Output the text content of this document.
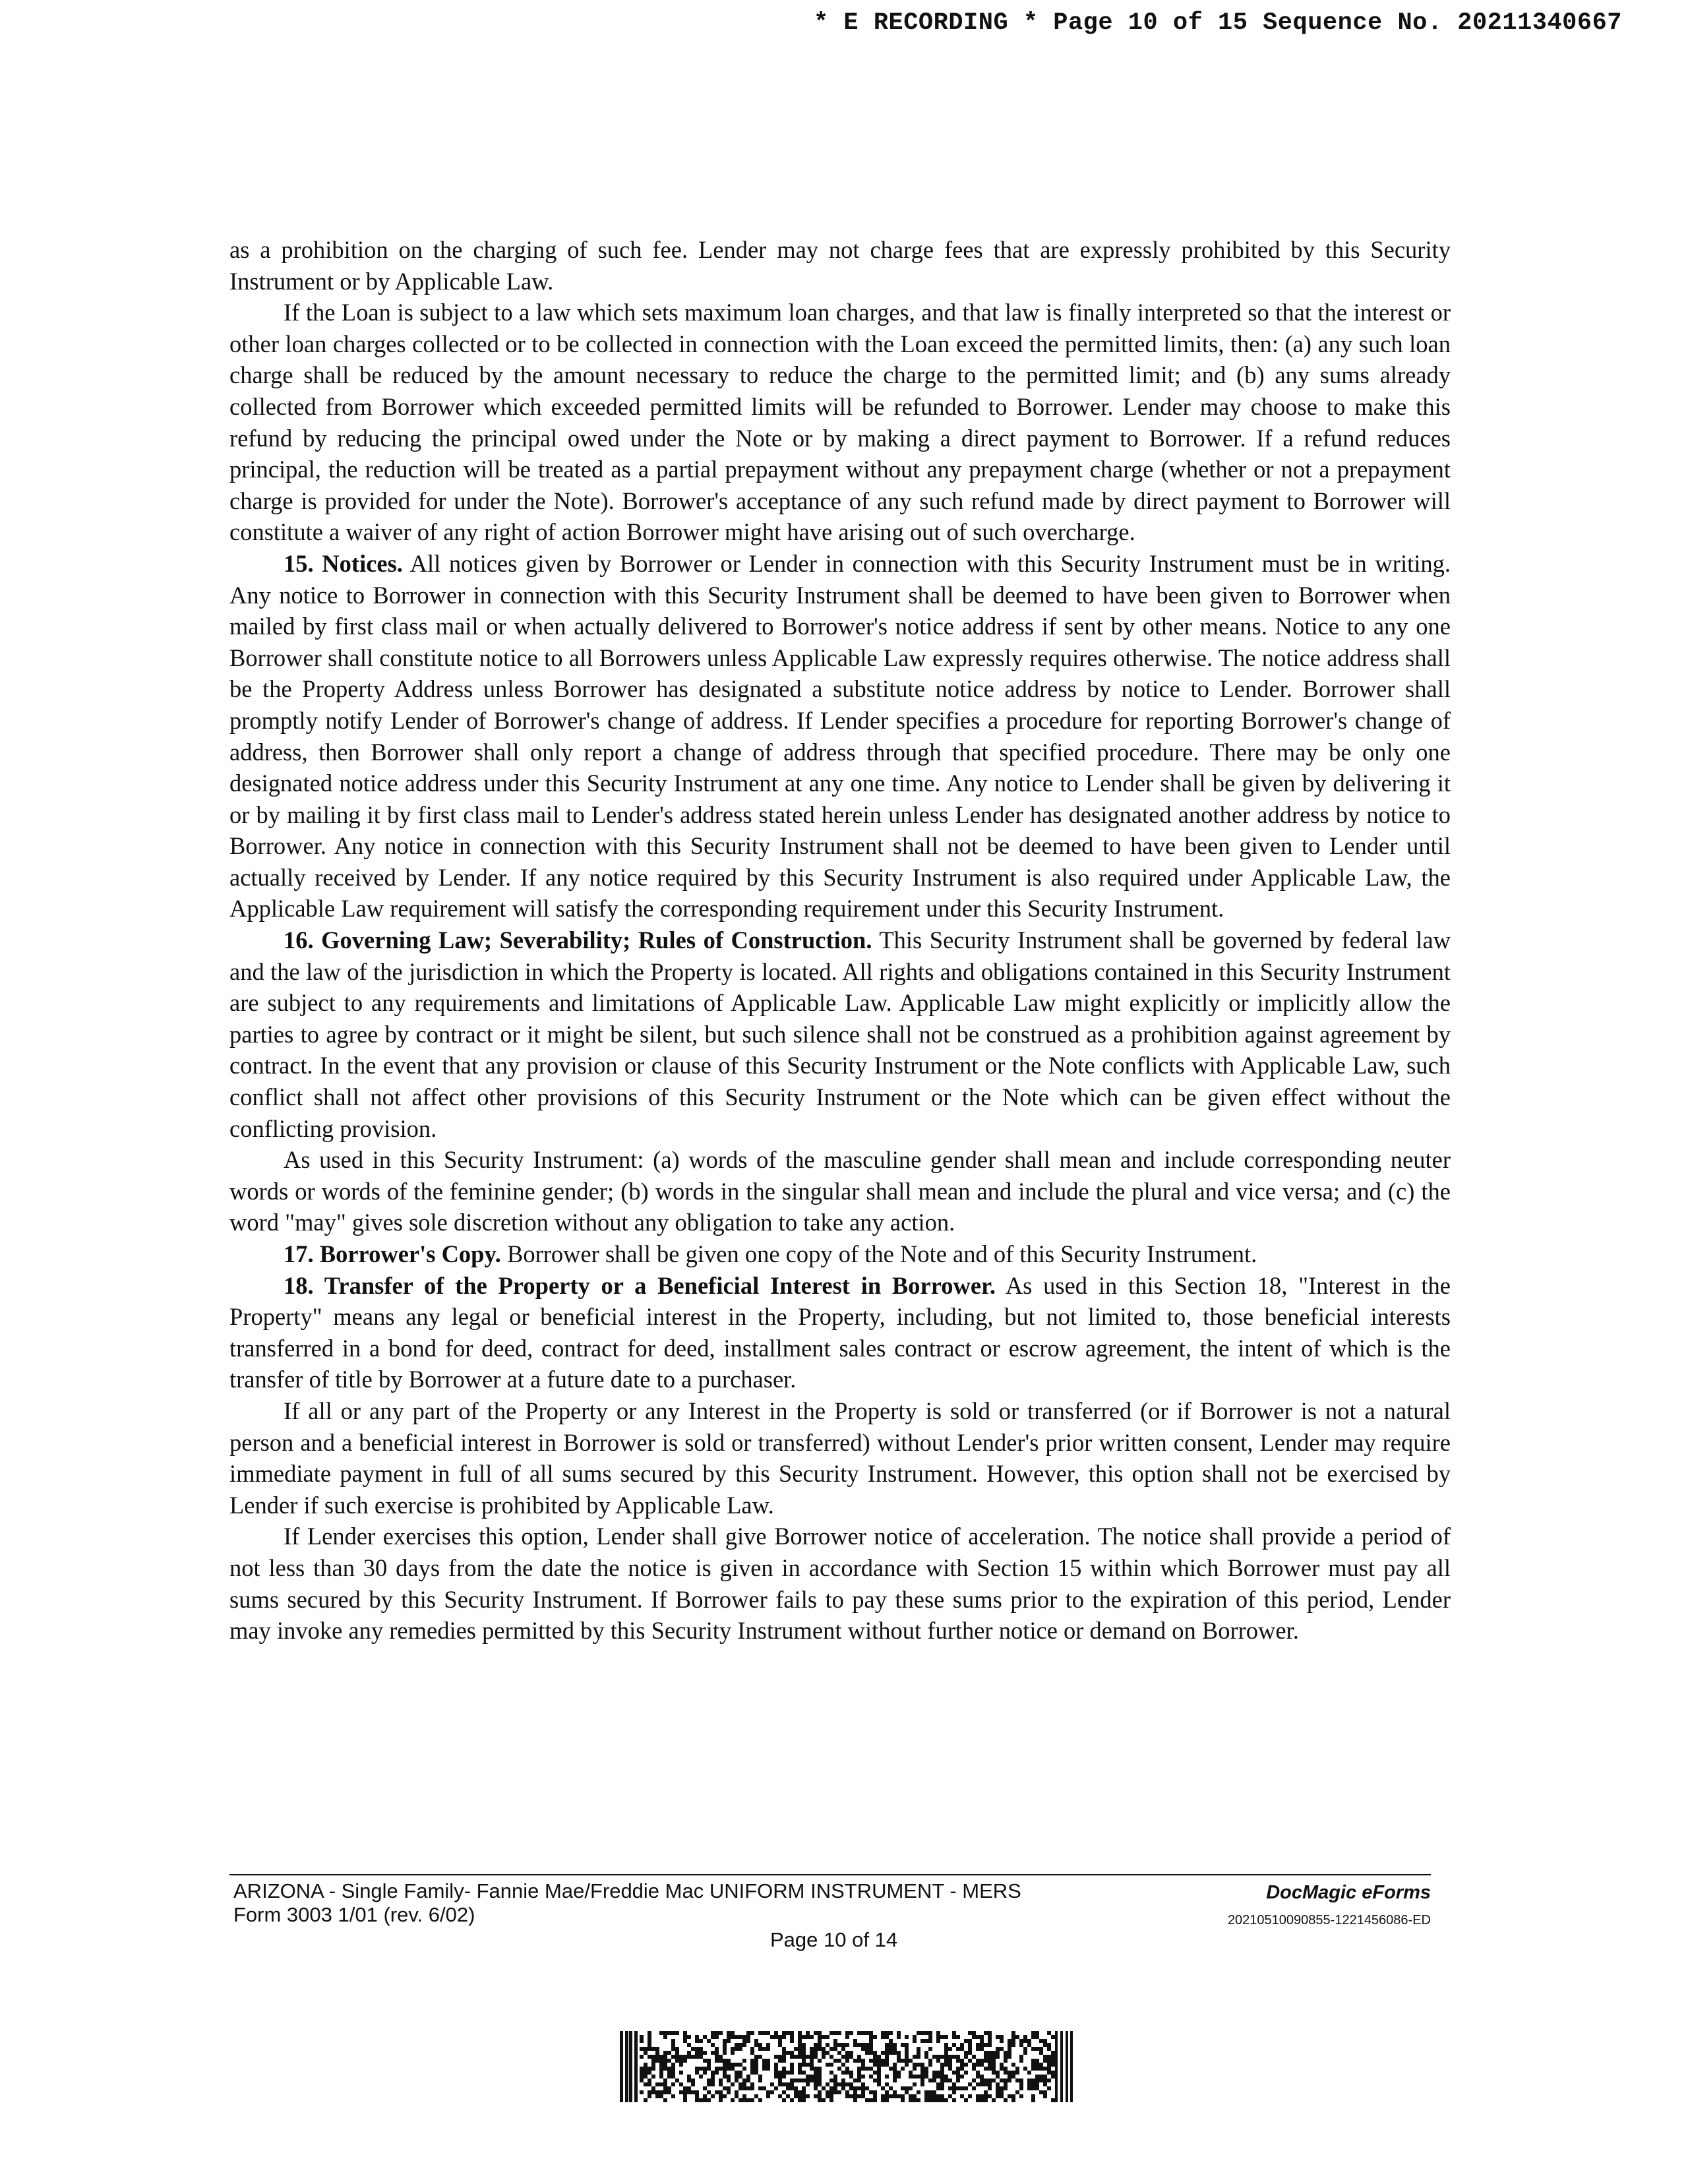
* E RECORDING * Page 10 of 15 Sequence No. 20211340667

as a prohibition on the charging of such fee. Lender may not charge fees that are expressly prohibited by this Security Instrument or by Applicable Law.

If the Loan is subject to a law which sets maximum loan charges, and that law is finally interpreted so that the interest or other loan charges collected or to be collected in connection with the Loan exceed the permitted limits, then: (a) any such loan charge shall be reduced by the amount necessary to reduce the charge to the permitted limit; and (b) any sums already collected from Borrower which exceeded permitted limits will be refunded to Borrower. Lender may choose to make this refund by reducing the principal owed under the Note or by making a direct payment to Borrower. If a refund reduces principal, the reduction will be treated as a partial prepayment without any prepayment charge (whether or not a prepayment charge is provided for under the Note). Borrower's acceptance of any such refund made by direct payment to Borrower will constitute a waiver of any right of action Borrower might have arising out of such overcharge.

15. Notices. All notices given by Borrower or Lender in connection with this Security Instrument must be in writing. Any notice to Borrower in connection with this Security Instrument shall be deemed to have been given to Borrower when mailed by first class mail or when actually delivered to Borrower's notice address if sent by other means. Notice to any one Borrower shall constitute notice to all Borrowers unless Applicable Law expressly requires otherwise. The notice address shall be the Property Address unless Borrower has designated a substitute notice address by notice to Lender. Borrower shall promptly notify Lender of Borrower's change of address. If Lender specifies a procedure for reporting Borrower's change of address, then Borrower shall only report a change of address through that specified procedure. There may be only one designated notice address under this Security Instrument at any one time. Any notice to Lender shall be given by delivering it or by mailing it by first class mail to Lender's address stated herein unless Lender has designated another address by notice to Borrower. Any notice in connection with this Security Instrument shall not be deemed to have been given to Lender until actually received by Lender. If any notice required by this Security Instrument is also required under Applicable Law, the Applicable Law requirement will satisfy the corresponding requirement under this Security Instrument.

16. Governing Law; Severability; Rules of Construction. This Security Instrument shall be governed by federal law and the law of the jurisdiction in which the Property is located. All rights and obligations contained in this Security Instrument are subject to any requirements and limitations of Applicable Law. Applicable Law might explicitly or implicitly allow the parties to agree by contract or it might be silent, but such silence shall not be construed as a prohibition against agreement by contract. In the event that any provision or clause of this Security Instrument or the Note conflicts with Applicable Law, such conflict shall not affect other provisions of this Security Instrument or the Note which can be given effect without the conflicting provision.

As used in this Security Instrument: (a) words of the masculine gender shall mean and include corresponding neuter words or words of the feminine gender; (b) words in the singular shall mean and include the plural and vice versa; and (c) the word "may" gives sole discretion without any obligation to take any action.

17. Borrower's Copy. Borrower shall be given one copy of the Note and of this Security Instrument.

18. Transfer of the Property or a Beneficial Interest in Borrower. As used in this Section 18, "Interest in the Property" means any legal or beneficial interest in the Property, including, but not limited to, those beneficial interests transferred in a bond for deed, contract for deed, installment sales contract or escrow agreement, the intent of which is the transfer of title by Borrower at a future date to a purchaser.

If all or any part of the Property or any Interest in the Property is sold or transferred (or if Borrower is not a natural person and a beneficial interest in Borrower is sold or transferred) without Lender's prior written consent, Lender may require immediate payment in full of all sums secured by this Security Instrument. However, this option shall not be exercised by Lender if such exercise is prohibited by Applicable Law.

If Lender exercises this option, Lender shall give Borrower notice of acceleration. The notice shall provide a period of not less than 30 days from the date the notice is given in accordance with Section 15 within which Borrower must pay all sums secured by this Security Instrument. If Borrower fails to pay these sums prior to the expiration of this period, Lender may invoke any remedies permitted by this Security Instrument without further notice or demand on Borrower.

ARIZONA - Single Family- Fannie Mae/Freddie Mac UNIFORM INSTRUMENT - MERS
Form 3003 1/01 (rev. 6/02)
DocMagic eForms
20210510090855-1221456086-ED
Page 10 of 14
